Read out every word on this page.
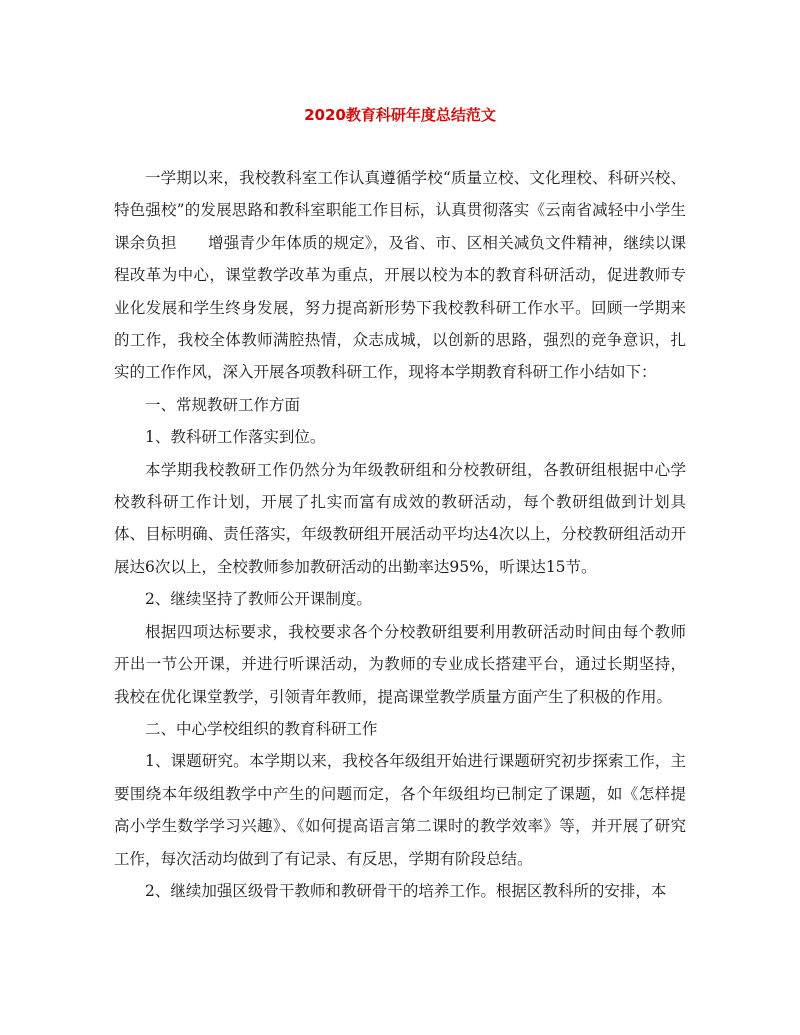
2020教育科研年度总结范文

一学期以来，我校教科室工作认真遵循学校“质量立校、文化理校、科研兴校、特色强校”的发展思路和教科室职能工作目标，认真贯彻落实《云南省减轻中小学生课余负担　　增强青少年体质的规定》，及省、市、区相关减负文件精神，继续以课程改革为中心，课堂教学改革为重点，开展以校为本的教育科研活动，促进教师专业化发展和学生终身发展，努力提高新形势下我校教科研工作水平。回顾一学期来的工作，我校全体教师满腔热情，众志成城，以创新的思路，强烈的竞争意识，扎实的工作作风，深入开展各项教科研工作，现将本学期教育科研工作小结如下：

一、常规教研工作方面

1、教科研工作落实到位。

本学期我校教研工作仍然分为年级教研组和分校教研组，各教研组根据中心学校教科研工作计划，开展了扎实而富有成效的教研活动，每个教研组做到计划具体、目标明确、责任落实，年级教研组开展活动平均达4次以上，分校教研组活动开展达6次以上，全校教师参加教研活动的出勤率达95%，听课达15节。

2、继续坚持了教师公开课制度。

根据四项达标要求，我校要求各个分校教研组要利用教研活动时间由每个教师开出一节公开课，并进行听课活动，为教师的专业成长搭建平台，通过长期坚持，我校在优化课堂教学，引领青年教师，提高课堂教学质量方面产生了积极的作用。

二、中心学校组织的教育科研工作

1、课题研究。本学期以来，我校各年级组开始进行课题研究初步探索工作，主要围绕本年级组教学中产生的问题而定，各个年级组均已制定了课题，如《怎样提高小学生数学学习兴趣》、《如何提高语言第二课时的教学效率》等，并开展了研究工作，每次活动均做到了有记录、有反思，学期有阶段总结。

2、继续加强区级骨干教师和教研骨干的培养工作。根据区教科所的安排，本
